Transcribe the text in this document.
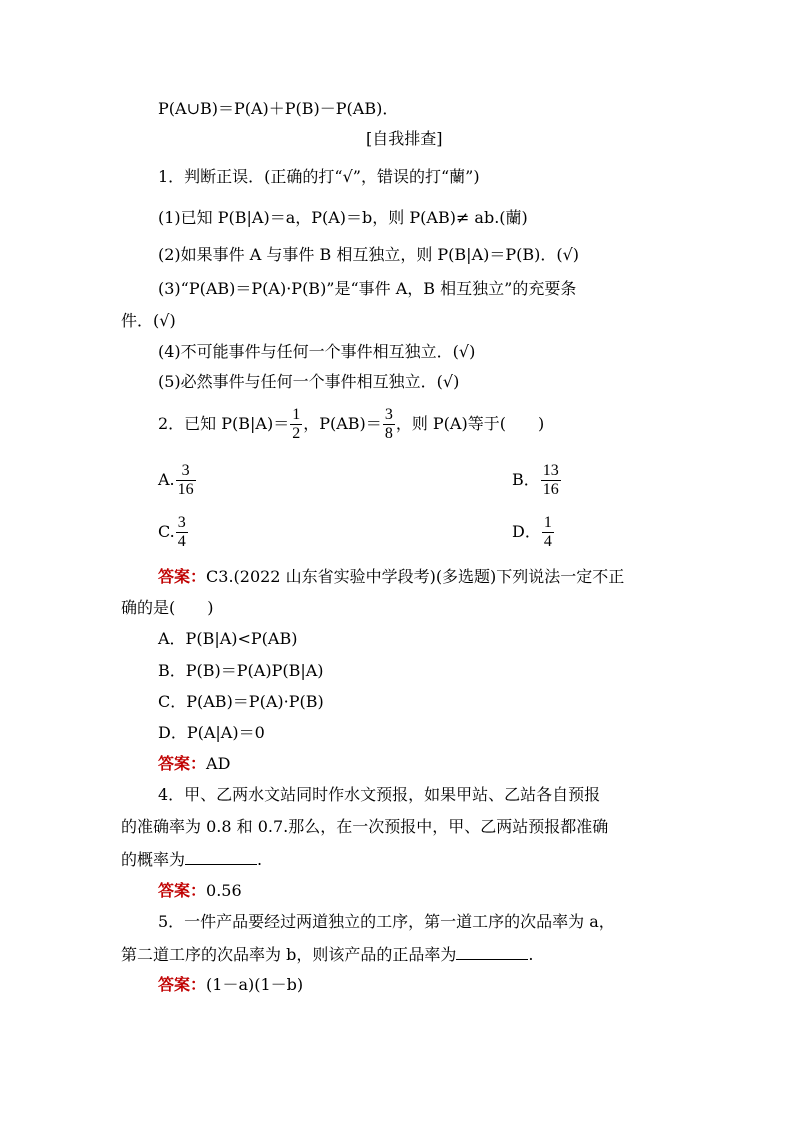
P(A∪B)＝P(A)＋P(B)－P(AB)．
[自我排查]
1．判断正误．(正确的打“√”，错误的打“蘭”)
(1)已知 P(B|A)＝a，P(A)＝b，则 P(AB)≠ ab.(蘭)
(2)如果事件 A 与事件 B 相互独立，则 P(B|A)＝P(B)．(√)
(3)“P(AB)＝P(A)·P(B)”是“事件 A，B 相互独立”的充要条
件．(√)
(4)不可能事件与任何一个事件相互独立．(√)
(5)必然事件与任何一个事件相互独立．(√)
2．已知 $P(B|A)= \frac{1}{2}$ ，$P(AB)= \frac{3}{8}$ ，则 P(A)等于(　　)
A. $\frac{3}{16}$	B． $\frac{13}{16}$
C. $\frac{3}{4}$	D． $\frac{1}{4}$
答案：C3.(2022 山东省实验中学段考)(多选题)下列说法一定不正
确的是(　　)
A．P(B|A)<P(AB)
B．P(B)＝P(A)P(B|A)
C．P(AB)＝P(A)·P(B)
D．P(A|A)＝0
答案：AD
4．甲、乙两水文站同时作水文预报，如果甲站、乙站各自预报
的准确率为 0.8 和 0.7.那么，在一次预报中，甲、乙两站预报都准确
的概率为	.
答案：0.56
5．一件产品要经过两道独立的工序，第一道工序的次品率为 a，
第二道工序的次品率为 b，则该产品的正品率为	.
答案：(1－a)(1－b)
